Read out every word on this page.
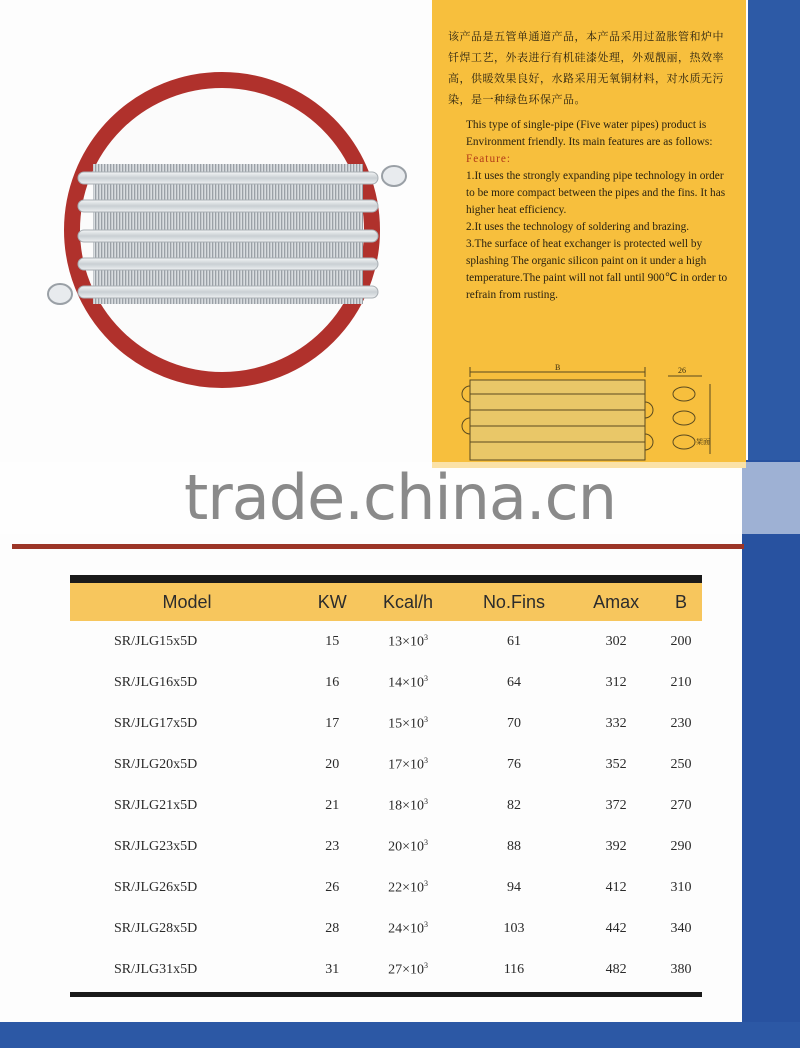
该产品是五管单通道产品，本产品采用过盈胀管和炉中钎焊工艺，外表进行有机硅漆处理，外观靓丽，热效率高，供暖效果良好，水路采用无氧铜材料，对水质无污染，是一种绿色环保产品。

This type of single-pipe (Five water pipes) product is Environment friendly. Its main features are as follows:

Feature:

1.It uses the strongly expanding pipe technology in order to be more compact between the pipes and the fins. It has higher heat efficiency.

2.It uses the technology of soldering and brazing.

3.The surface of heat exchanger is protected well by splashing The organic silicon paint on it under a high temperature.The paint will not fall until 900℃ in order to refrain from rusting.

B	26
架面
trade.china.cn
Model	KW	Kcal/h	No.Fins	Amax	B
SR/JLG15x5D	15	$13\times 10^3$	61	302	200
SR/JLG16x5D	16	$14\times 10^3$	64	312	210
SR/JLG17x5D	17	$15\times 10^3$	70	332	230
SR/JLG20x5D	20	$17\times 10^3$	76	352	250
SR/JLG21x5D	21	$18\times 10^3$	82	372	270
SR/JLG23x5D	23	$20\times 10^3$	88	392	290
SR/JLG26x5D	26	$22\times 10^3$	94	412	310
SR/JLG28x5D	28	$24\times 10^3$	103	442	340
SR/JLG31x5D	31	$27\times 10^3$	116	482	380
